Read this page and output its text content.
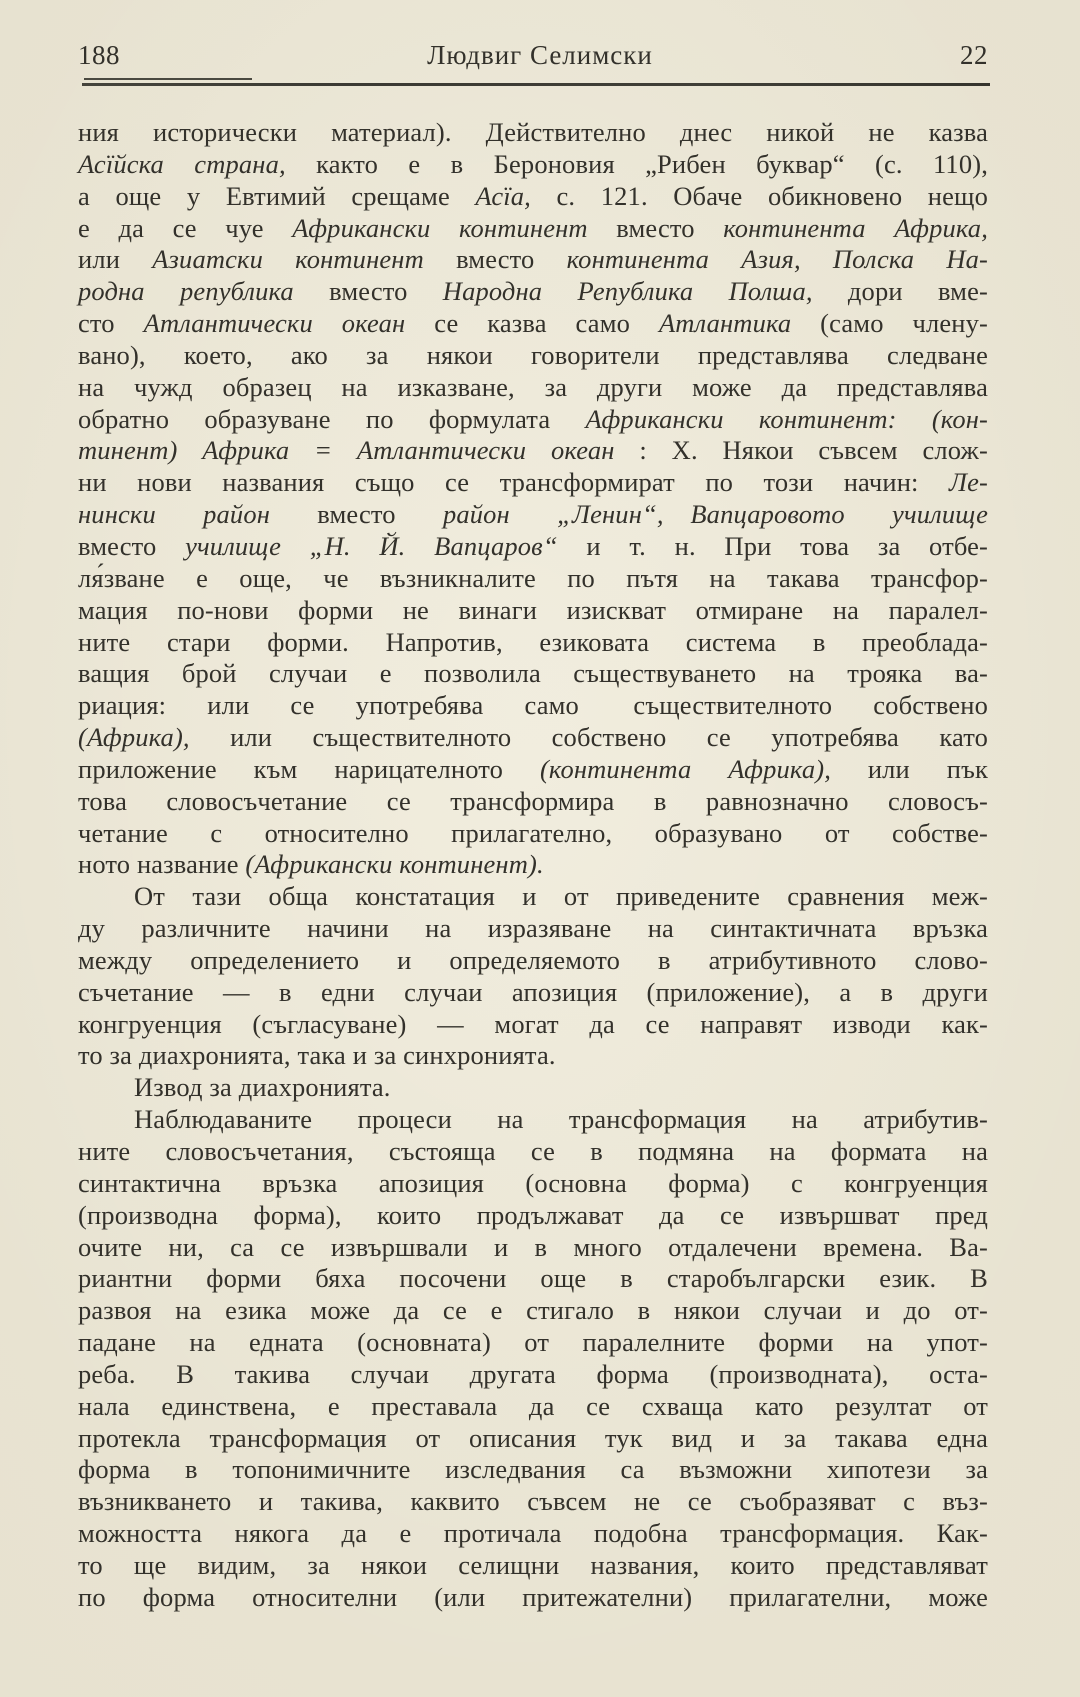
188	Людвиг Селимски	22
ния исторически материал). Действително днес никой не казва
Асїйска страна, както е в Бероновия „Рибен буквар“ (с. 110),
а още у Евтимий срещаме Асїа, с. 121. Обаче обикновено нещо
е да се чуе Африкански континент вместо континента Африка,
или Азиатски континент вместо континента Азия, Полска На-
родна република вместо Народна Република Полша, дори вме-
сто Атлантически океан се казва само Атлантика (само члену-
вано), което, ако за някои говорители представлява следване
на чужд образец на изказване, за други може да представлява
обратно образуване по формулата Африкански континент: (кон-
тинент) Африка = Атлантически океан : X. Някои съвсем слож-
ни нови названия също се трансформират по този начин: Ле-
нински район вместо район „Ленин“,  Вапцаровото училище
вместо училище „Н. Й. Вапцаров“ и т. н. При това за отбе-
ля́зване е още, че възникналите по пътя на такава трансфор-
мация по-нови форми не винаги изискват отмиране на паралел-
ните стари форми. Напротив, езиковата система в преоблада-
ващия брой случаи е позволила съществуването на трояка ва-
риация: или се употребява само  съществителното собствено
(Африка), или съществителното собствено се употребява като
приложение към нарицателното (континента Африка), или пък
това словосъчетание се трансформира в равнозначно словосъ-
четание с относително прилагателно, образувано от собстве-
ното название (Африкански континент).
От тази обща констатация и от приведените сравнения меж-
ду различните начини на изразяване на синтактичната връзка
между определението и определяемото в атрибутивното слово-
съчетание — в едни случаи апозиция (приложение), а в други
конгруенция (съгласуване) — могат да се направят изводи как-
то за диахронията, така и за синхронията.
Извод за диахронията.
Наблюдаваните процеси на трансформация на атрибутив-
ните словосъчетания, състояща се в подмяна на формата на
синтактична връзка апозиция (основна форма) с конгруенция
(производна форма), които продължават да се извършват пред
очите ни, са се извършвали и в много отдалечени времена. Ва-
риантни форми бяха посочени още в старобългарски език. В
развоя на езика може да се е стигало в някои случаи и до от-
падане на едната (основната) от паралелните форми на упот-
реба. В такива случаи другата форма (производната), оста-
нала единствена, е преставала да се схваща като резултат от
протекла трансформация от описания тук вид и за такава една
форма в топонимичните изследвания са възможни хипотези за
възникването и такива, каквито съвсем не се съобразяват с въз-
можността някога да е протичала подобна трансформация. Как-
то ще видим, за някои селищни названия, които представляват
по форма относителни (или притежателни) прилагателни, може
